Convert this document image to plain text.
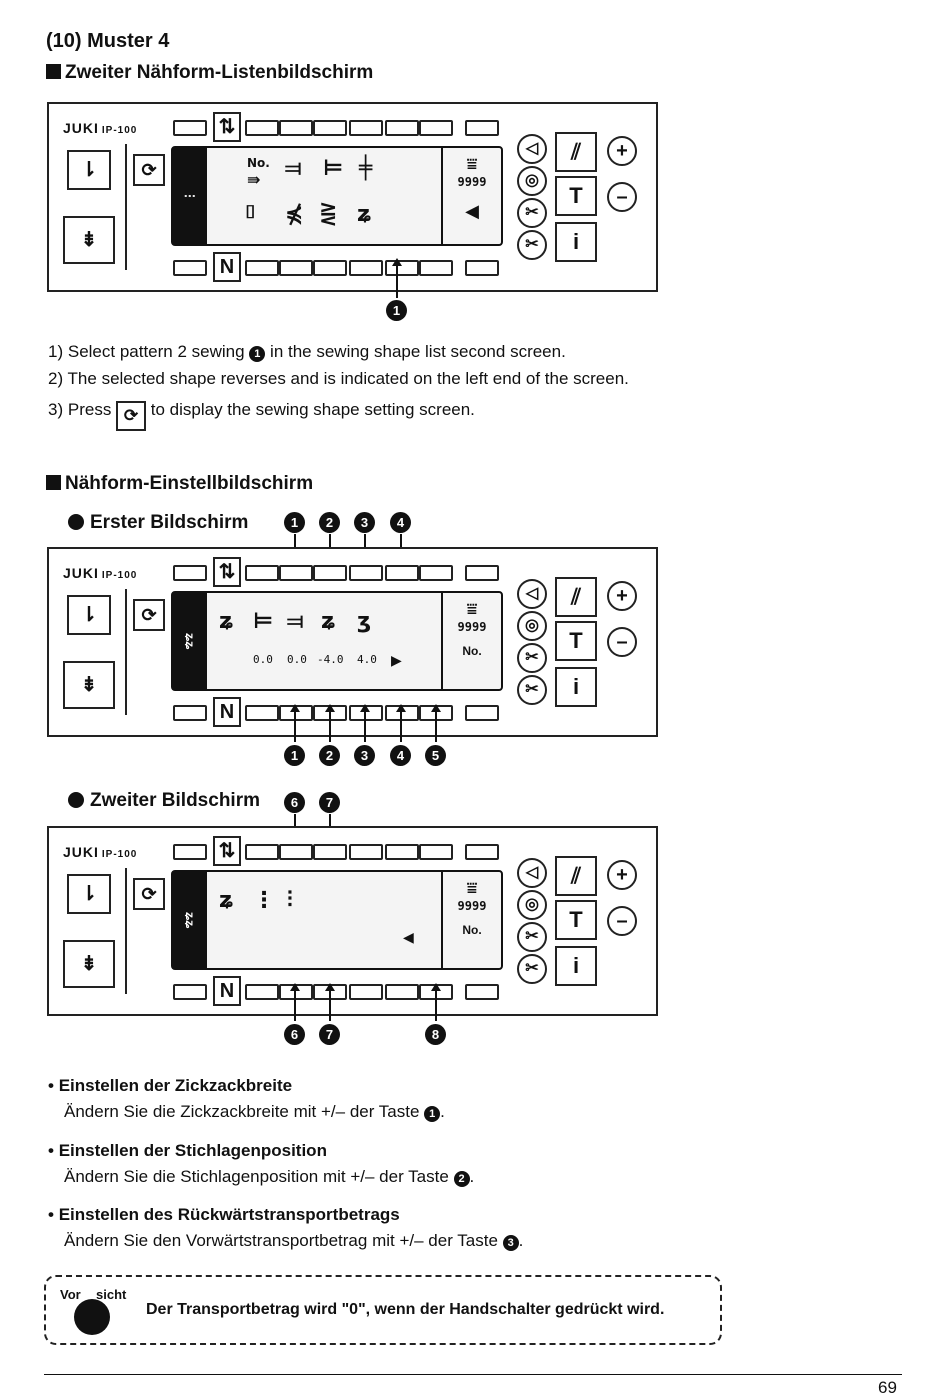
(10) Muster 4
Zweiter Nähform-Listenbildschirm
JUKI IP-100	⇅
⇂
⇟
⟳
⋮
No.
⇛ ⫤ ⊨ ╪
⌷ ⋠ ⋛ ʑ
⩸
9999
◀
N
◁
◎
✂
✂
⫽
T
i
+
–
1
1) Select pattern 2 sewing 1 in the sewing shape list second screen.
2) The selected shape reverses and is indicated on the left end of the screen.
3) Press ⟳ to display the sewing shape setting screen.
Nähform-Einstellbildschirm
Erster Bildschirm	1	2	3	4
JUKI IP-100	⇅
⇂
⇟
⟳
ʑʑ
ʑ ⊨ ⫤ ʑ ʒ
0.0 0.0 -4.0 4.0 ▶
⩸
9999
No.
N
◁
◎
✂
✂
⫽
T
i
+
–
1	2	3	4	5
Zweiter Bildschirm	6	7
JUKI IP-100	⇅
⇂
⇟
⟳
ʑʑ
ʑ ⋮ ⫶
◀
⩸
9999
No.
N
◁
◎
✂
✂
⫽
T
i
+
–
6	7	8
• Einstellen der Zickzackbreite
Ändern Sie die Zickzackbreite mit +/– der Taste 1 .
• Einstellen der Stichlagenposition
Ändern Sie die Stichlagenposition mit +/– der Taste 2 .
• Einstellen des Rückwärtstransportbetrags
Ändern Sie den Vorwärtstransportbetrag mit +/– der Taste 3 .
Vor sicht
Der Transportbetrag wird "0", wenn der Handschalter gedrückt wird.
69
